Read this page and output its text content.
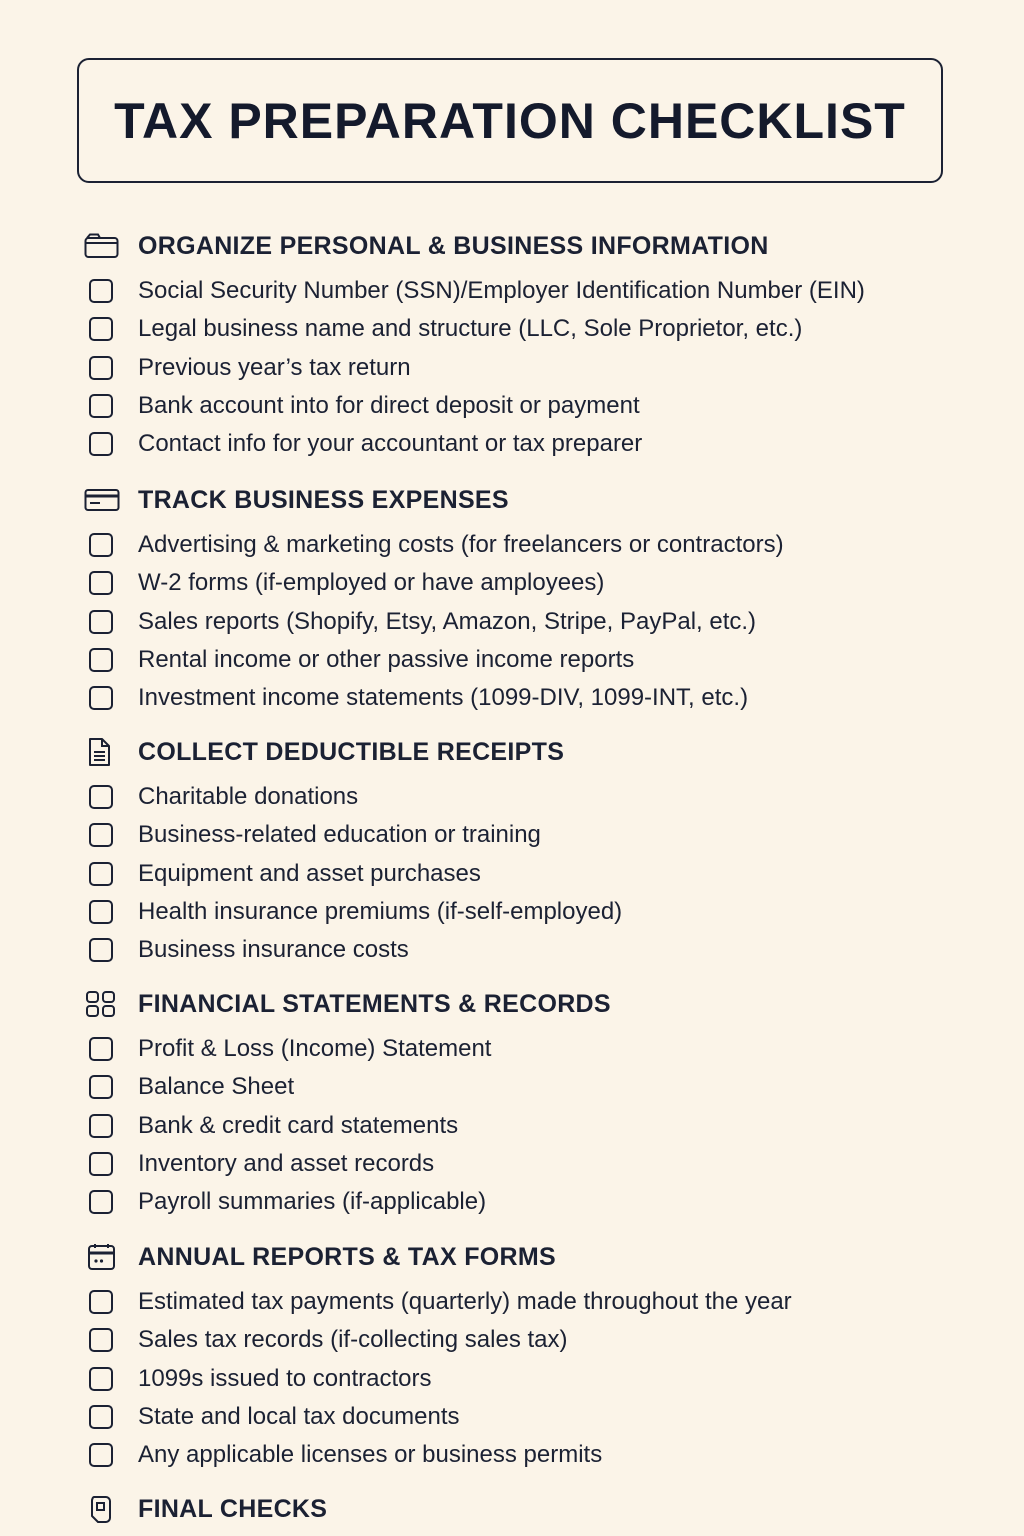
TAX PREPARATION CHECKLIST
ORGANIZE PERSONAL & BUSINESS INFORMATION
Social Security Number (SSN)/Employer Identification Number (EIN)
Legal business name and structure (LLC, Sole Proprietor, etc.)
Previous year’s tax return
Bank account into for direct deposit or payment
Contact info for your accountant or tax preparer
TRACK BUSINESS EXPENSES
Advertising & marketing costs (for freelancers or contractors)
W-2 forms (if-employed or have amployees)
Sales reports (Shopify, Etsy, Amazon, Stripe, PayPal, etc.)
Rental income or other passive income reports
Investment income statements (1099-DIV, 1099-INT, etc.)
COLLECT DEDUCTIBLE RECEIPTS
Charitable donations
Business-related education or training
Equipment and asset purchases
Health insurance premiums (if-self-employed)
Business insurance costs
FINANCIAL STATEMENTS & RECORDS
Profit & Loss (Income) Statement
Balance Sheet
Bank & credit card statements
Inventory and asset records
Payroll summaries (if-applicable)
ANNUAL REPORTS & TAX FORMS
Estimated tax payments (quarterly) made throughout the year
Sales tax records (if-collecting sales tax)
1099s issued to contractors
State and local tax documents
Any applicable licenses or business permits
FINAL CHECKS
